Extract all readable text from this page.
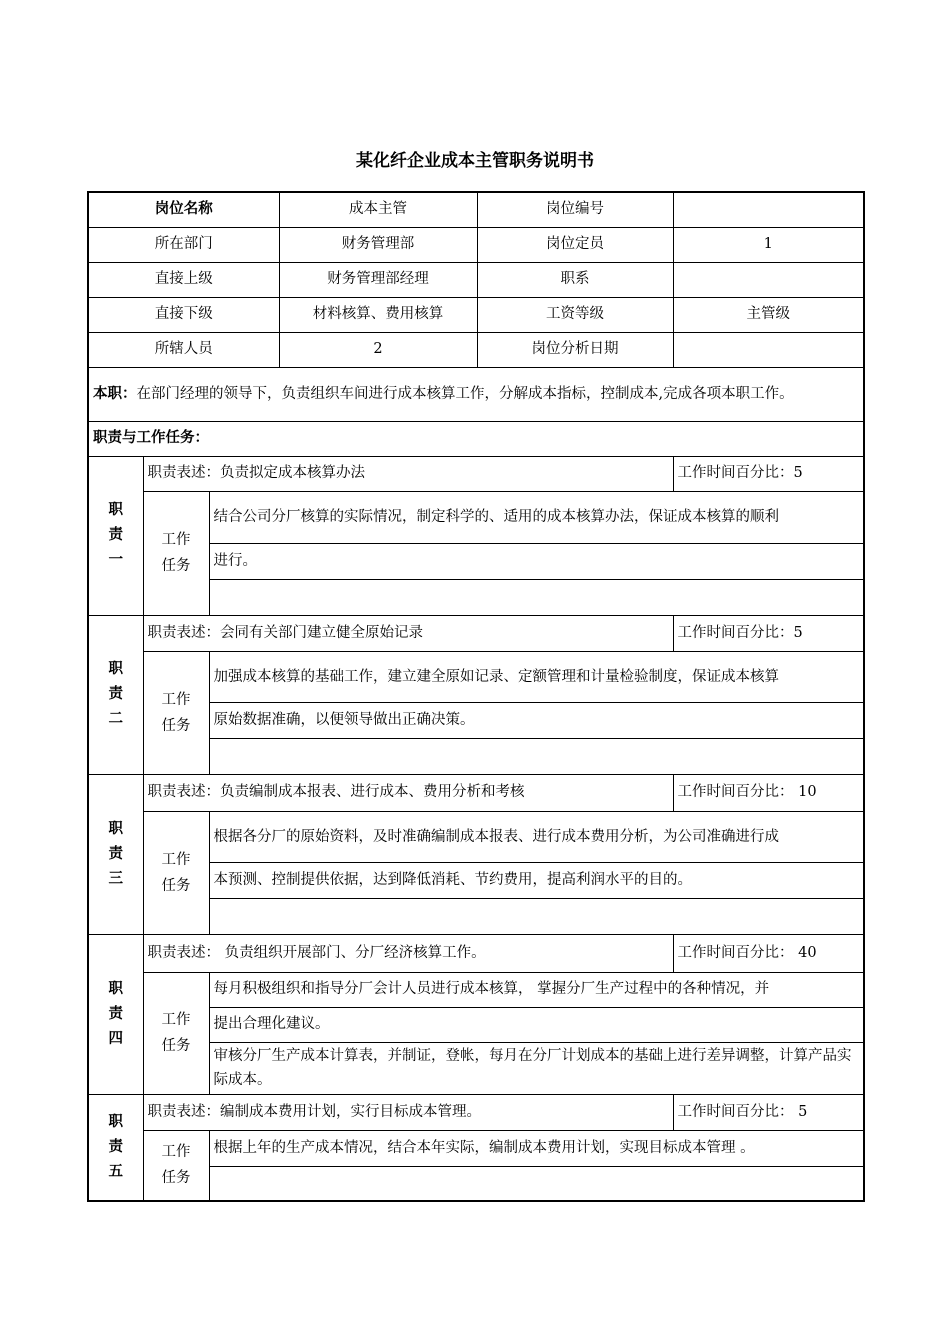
某化纤企业成本主管职务说明书
岗位名称			成本主管	岗位编号	
所在部门			财务管理部	岗位定员	1
直接上级			财务管理部经理	职系	
直接下级			材料核算、费用核算	工资等级	主管级
所辖人员			2	岗位分析日期	
本职：在部门经理的领导下，负责组织车间进行成本核算工作，分解成本指标，控制成本,完成各项本职工作。					
职责与工作任务：					
职
责
一	职责表述：负责拟定成本核算办法				工作时间百分比：5
	工作
任务	结合公司分厂核算的实际情况，制定科学的、适用的成本核算办法，保证成本核算的顺利			
		进行。			

职
责
二	职责表述：会同有关部门建立健全原始记录				工作时间百分比：5
	工作
任务	加强成本核算的基础工作，建立建全原如记录、定额管理和计量检验制度，保证成本核算			
		原始数据准确，以便领导做出正确决策。			

职
责
三	职责表述：负责编制成本报表、进行成本、费用分析和考核				工作时间百分比： 10
	工作
任务	根据各分厂的原始资料，及时准确编制成本报表、进行成本费用分析，为公司准确进行成			
		本预测、控制提供依据，达到降低消耗、节约费用，提高利润水平的目的。			

职
责
四	职责表述： 负责组织开展部门、分厂经济核算工作。				工作时间百分比： 40
	工作
任务	每月积极组织和指导分厂会计人员进行成本核算， 掌握分厂生产过程中的各种情况，并			
		提出合理化建议。			
		审核分厂生产成本计算表，并制证，登帐，每月在分厂计划成本的基础上进行差异调整，计算产品实际成本。			
职
责
五	职责表述：编制成本费用计划，实行目标成本管理。				工作时间百分比： 5
	工作
任务	根据上年的生产成本情况，结合本年实际，编制成本费用计划，实现目标成本管理 。			
